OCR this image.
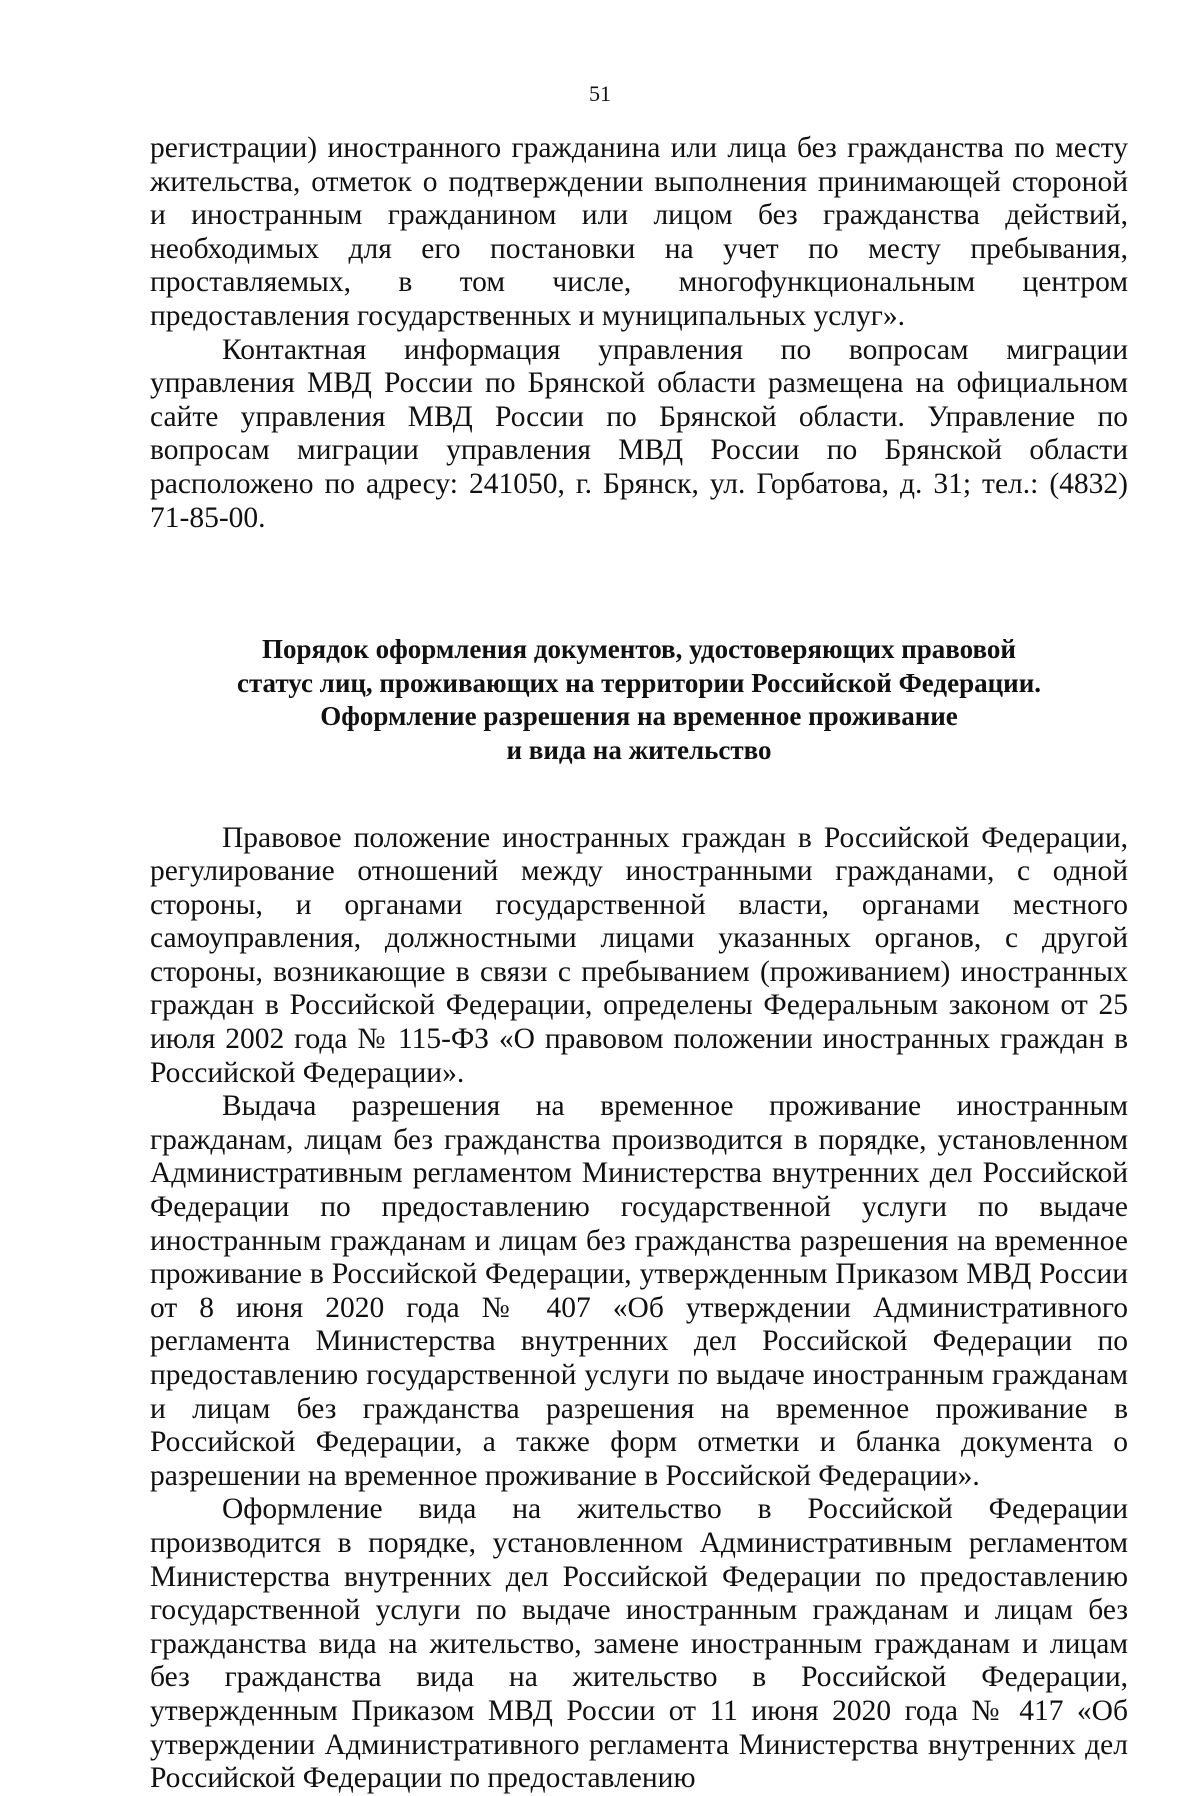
51

регистрации) иностранного гражданина или лица без гражданства по месту жительства, отметок о подтверждении выполнения принимающей стороной и иностранным гражданином или лицом без гражданства действий, необходимых для его постановки на учет по месту пребывания, проставляемых, в том числе, многофункциональным центром предоставления государственных и муниципальных услуг».

Контактная информация управления по вопросам миграции управления МВД России по Брянской области размещена на официальном сайте управления МВД России по Брянской области. Управление по вопросам миграции управления МВД России по Брянской области расположено по адресу: 241050, г. Брянск, ул. Горбатова, д. 31; тел.: (4832) 71-85-00.

Порядок оформления документов, удостоверяющих правовой
статус лиц, проживающих на территории Российской Федерации.
Оформление разрешения на временное проживание
и вида на жительство

Правовое положение иностранных граждан в Российской Федерации, регулирование отношений между иностранными гражданами, с одной стороны, и органами государственной власти, органами местного самоуправления, должностными лицами указанных органов, с другой стороны, возникающие в связи с пребыванием (проживанием) иностранных граждан в Российской Федерации, определены Федеральным законом от 25 июля 2002 года № 115-ФЗ «О правовом положении иностранных граждан в Российской Федерации».

Выдача разрешения на временное проживание иностранным гражданам, лицам без гражданства производится в порядке, установленном Административным регламентом Министерства внутренних дел Российской Федерации по предоставлению государственной услуги по выдаче иностранным гражданам и лицам без гражданства разрешения на временное проживание в Российской Федерации, утвержденным Приказом МВД России от 8 июня 2020 года № 407 «Об утверждении Административного регламента Министерства внутренних дел Российской Федерации по предоставлению государственной услуги по выдаче иностранным гражданам и лицам без гражданства разрешения на временное проживание в Российской Федерации, а также форм отметки и бланка документа о разрешении на временное проживание в Российской Федерации».

Оформление вида на жительство в Российской Федерации производится в порядке, установленном Административным регламентом Министерства внутренних дел Российской Федерации по предоставлению государственной услуги по выдаче иностранным гражданам и лицам без гражданства вида на жительство, замене иностранным гражданам и лицам без гражданства вида на жительство в Российской Федерации, утвержденным Приказом МВД России от 11 июня 2020 года № 417 «Об утверждении Административного регламента Министерства внутренних дел Российской Федерации по предоставлению
